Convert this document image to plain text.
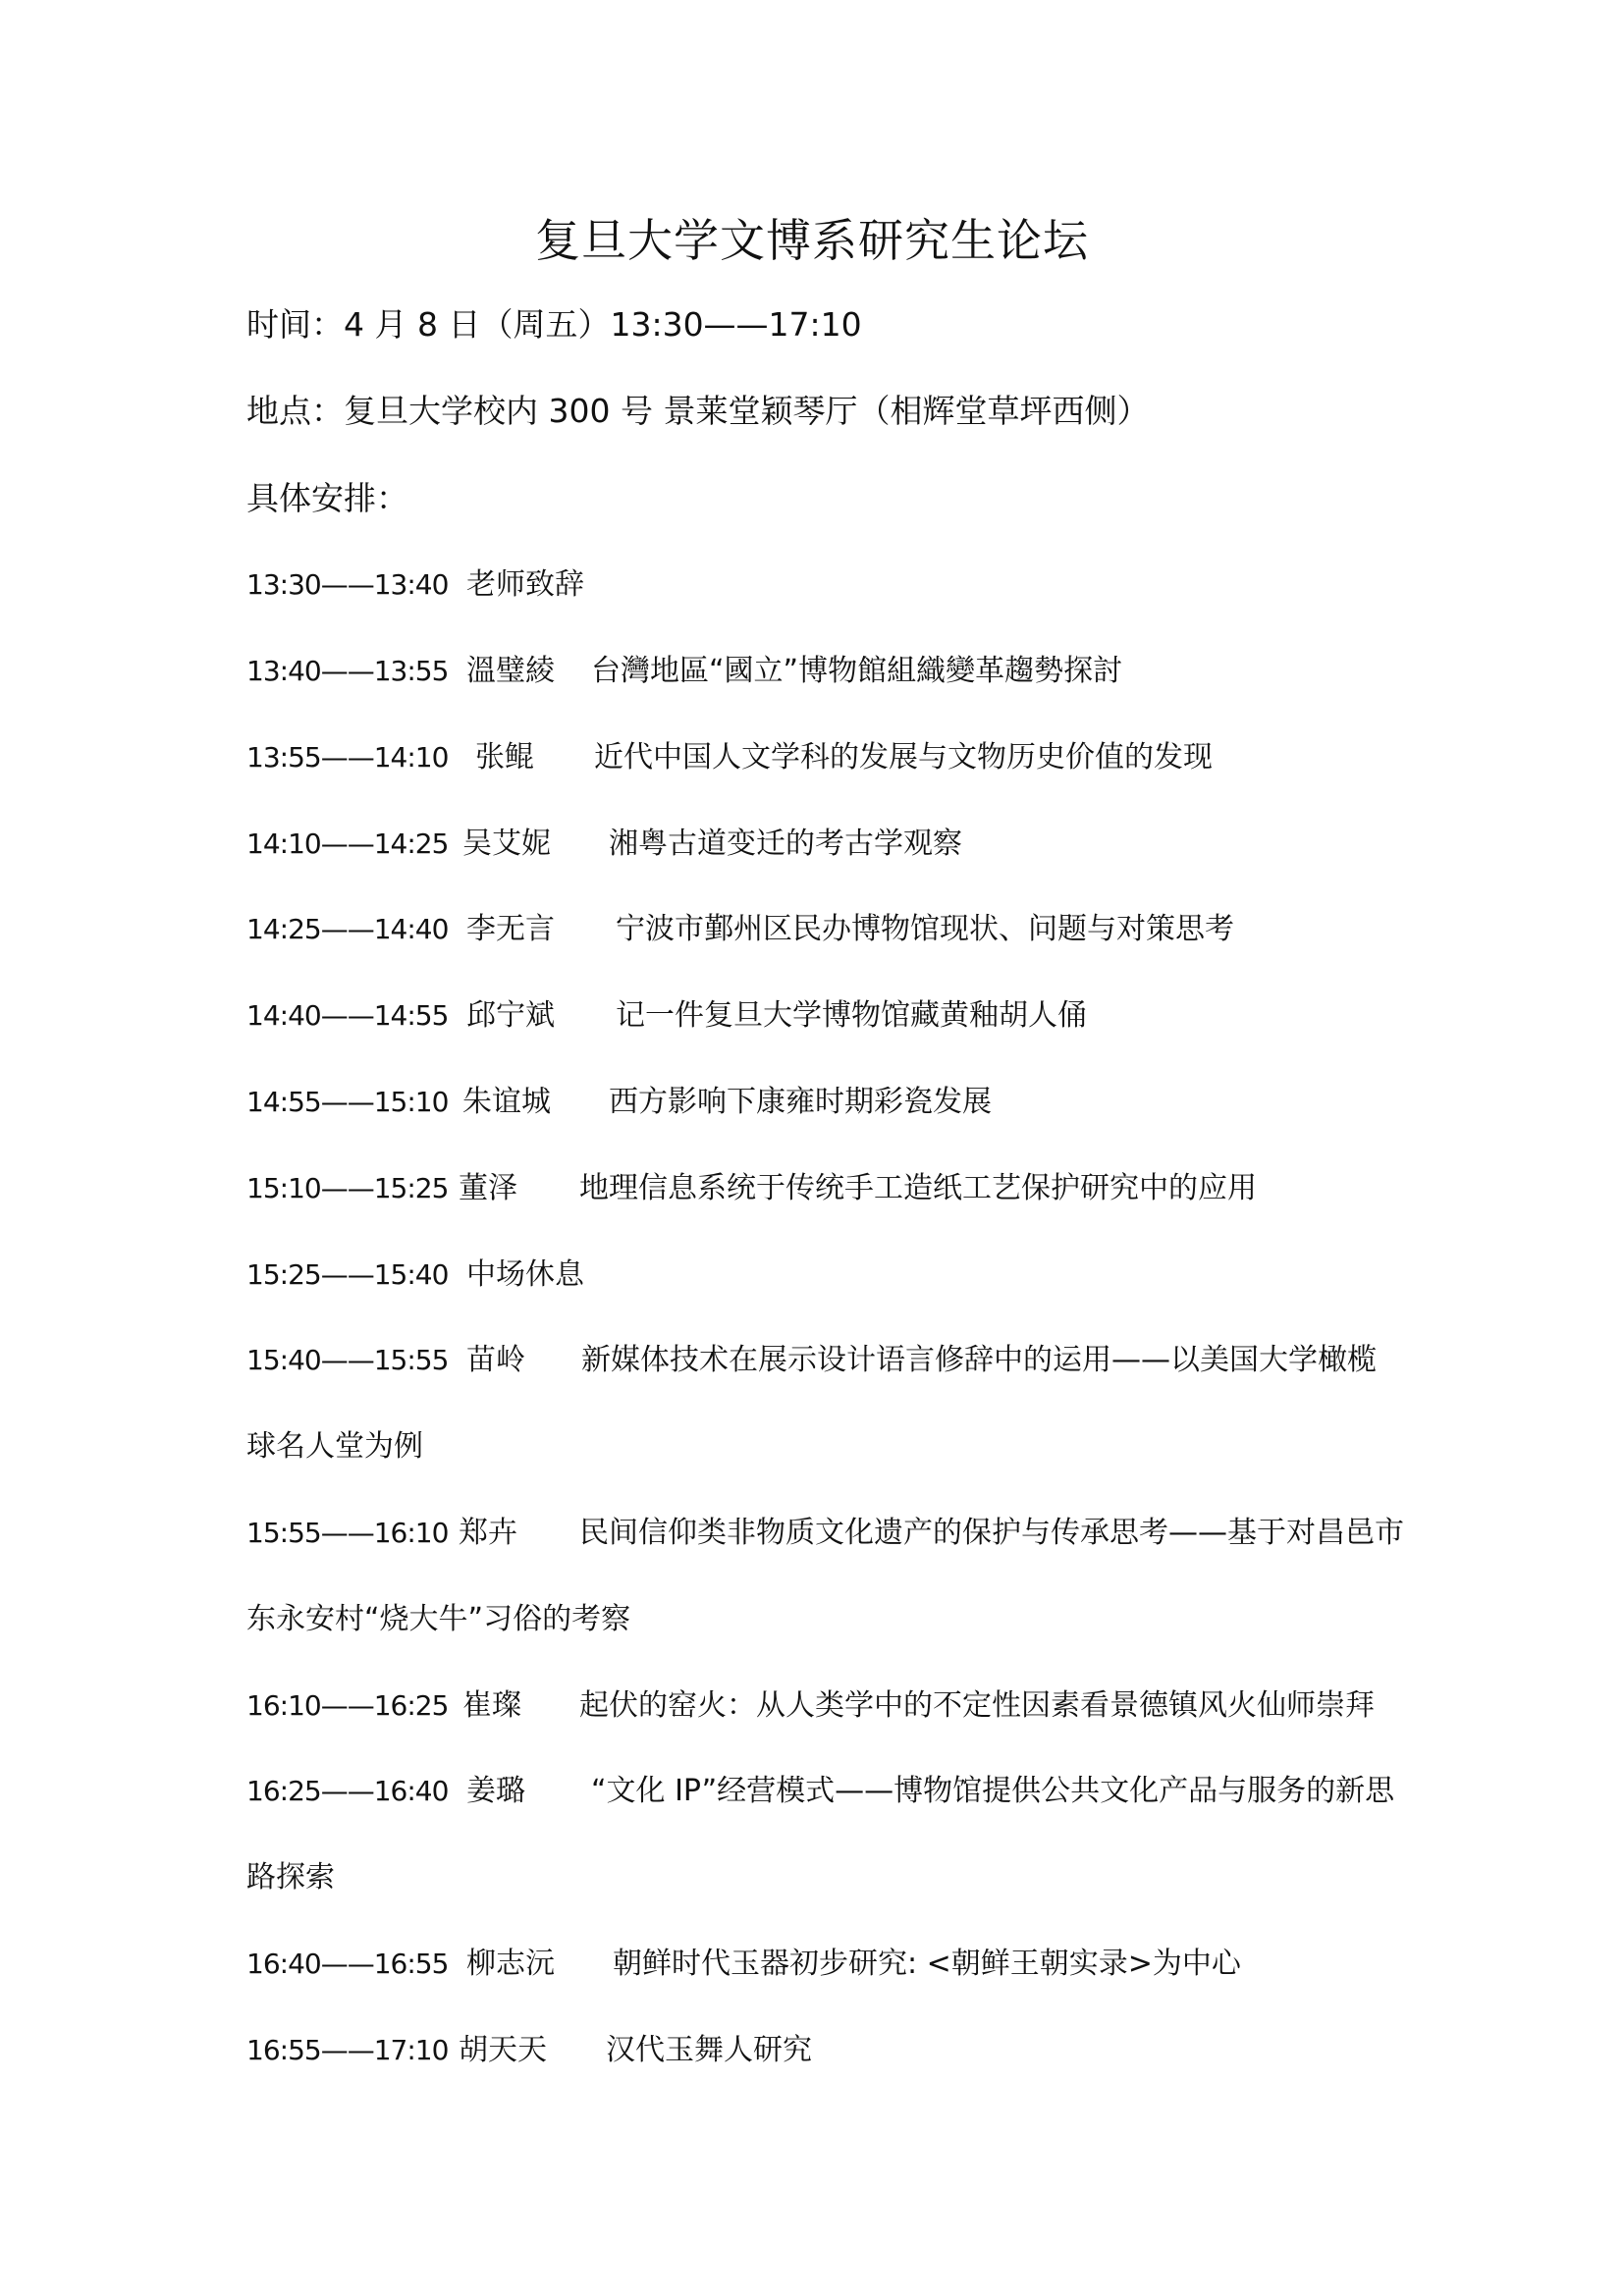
复旦大学文博系研究生论坛
时间：4 月 8 日（周五）13:30——17:10
地点：复旦大学校内 300 号 景莱堂颖琴厅（相辉堂草坪西侧）
具体安排：
13:30——13:40 老师致辞
13:40——13:55 溫璧綾 台灣地區“國立”博物館組織變革趨勢探討
13:55——14:10 张鲲 近代中国人文学科的发展与文物历史价值的发现
14:10——14:25 吴艾妮 湘粤古道变迁的考古学观察
14:25——14:40 李无言 宁波市鄞州区民办博物馆现状、问题与对策思考
14:40——14:55 邱宁斌 记一件复旦大学博物馆藏黄釉胡人俑
14:55——15:10 朱谊城 西方影响下康雍时期彩瓷发展
15:10——15:25 董泽 地理信息系统于传统手工造纸工艺保护研究中的应用
15:25——15:40 中场休息
15:40——15:55 苗岭 新媒体技术在展示设计语言修辞中的运用——以美国大学橄榄
球名人堂为例
15:55——16:10 郑卉 民间信仰类非物质文化遗产的保护与传承思考——基于对昌邑市
东永安村“烧大牛”习俗的考察
16:10——16:25 崔璨 起伏的窑火：从人类学中的不定性因素看景德镇风火仙师崇拜
16:25——16:40 姜璐 “文化 IP”经营模式——博物馆提供公共文化产品与服务的新思
路探索
16:40——16:55 柳志沅 朝鲜时代玉器初步研究: <朝鲜王朝实录>为中心
16:55——17:10 胡天天 汉代玉舞人研究
